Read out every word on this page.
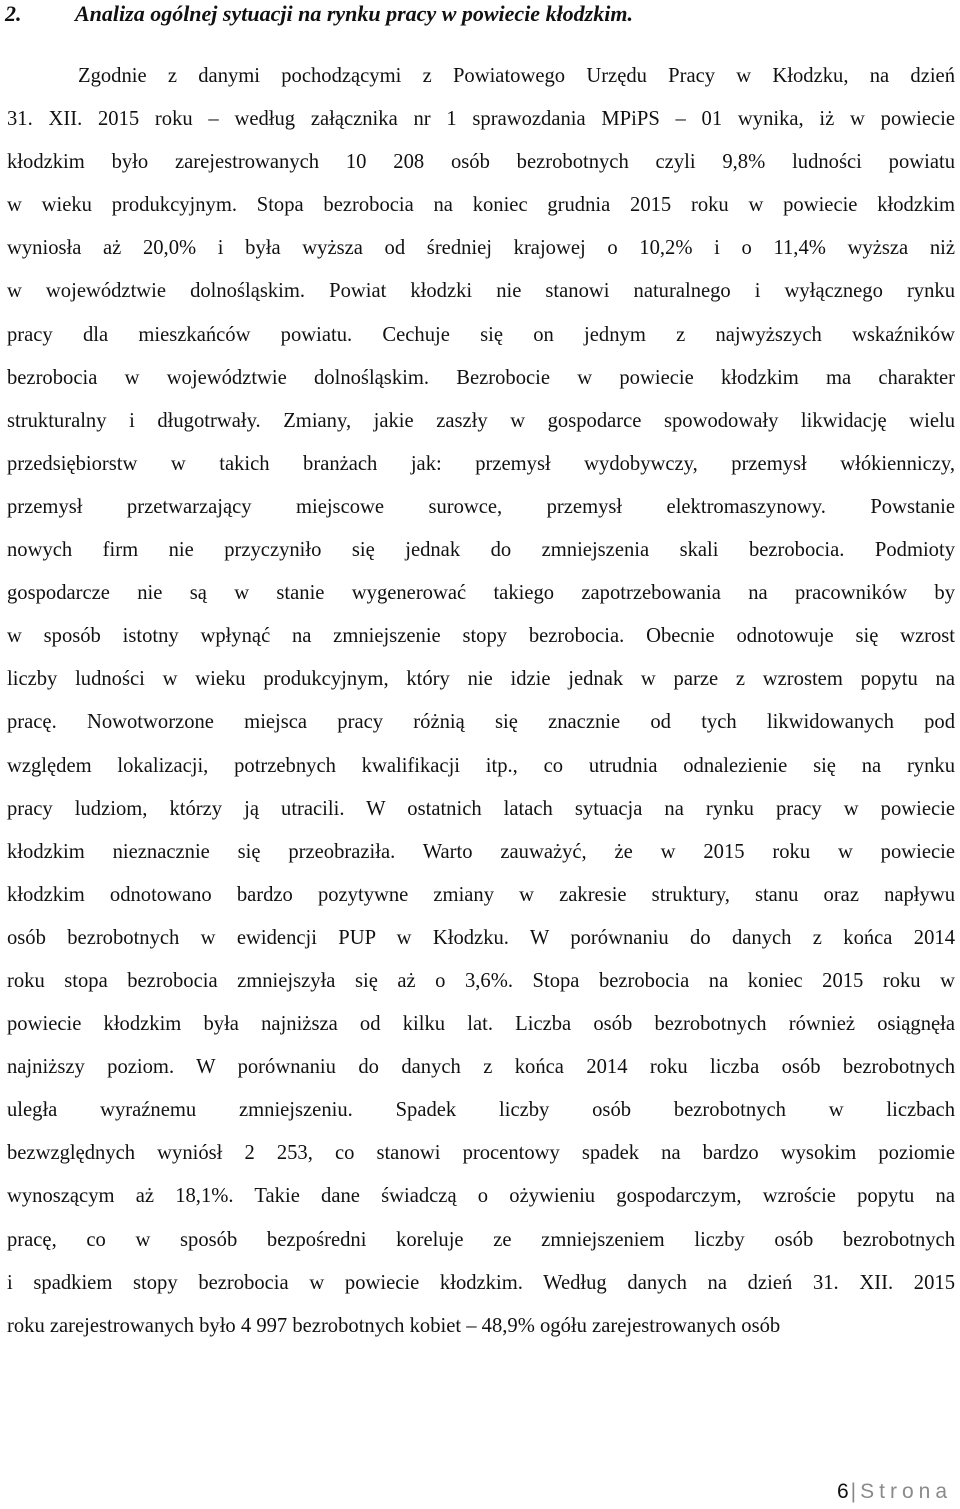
2. Analiza ogólnej sytuacji na rynku pracy w powiecie kłodzkim.
Zgodnie z danymi pochodzącymi z Powiatowego Urzędu Pracy w Kłodzku, na dzień
31. XII. 2015 roku – według załącznika nr 1 sprawozdania MPiPS – 01 wynika, iż w powiecie
kłodzkim było zarejestrowanych 10 208 osób bezrobotnych czyli 9,8% ludności powiatu
w wieku produkcyjnym. Stopa bezrobocia na koniec grudnia 2015 roku w powiecie kłodzkim
wyniosła aż 20,0% i była wyższa od średniej krajowej o 10,2% i o 11,4% wyższa niż
w województwie dolnośląskim. Powiat kłodzki nie stanowi naturalnego i wyłącznego rynku
pracy dla mieszkańców powiatu. Cechuje się on jednym z najwyższych wskaźników
bezrobocia w województwie dolnośląskim. Bezrobocie w powiecie kłodzkim ma charakter
strukturalny i długotrwały. Zmiany, jakie zaszły w gospodarce spowodowały likwidację wielu
przedsiębiorstw w takich branżach jak: przemysł wydobywczy, przemysł włókienniczy,
przemysł przetwarzający miejscowe surowce, przemysł elektromaszynowy. Powstanie
nowych firm nie przyczyniło się jednak do zmniejszenia skali bezrobocia. Podmioty
gospodarcze nie są w stanie wygenerować takiego zapotrzebowania na pracowników by
w sposób istotny wpłynąć na zmniejszenie stopy bezrobocia. Obecnie odnotowuje się wzrost
liczby ludności w wieku produkcyjnym, który nie idzie jednak w parze z wzrostem popytu na
pracę. Nowotworzone miejsca pracy różnią się znacznie od tych likwidowanych pod
względem lokalizacji, potrzebnych kwalifikacji itp., co utrudnia odnalezienie się na rynku
pracy ludziom, którzy ją utracili. W ostatnich latach sytuacja na rynku pracy w powiecie
kłodzkim nieznacznie się przeobraziła. Warto zauważyć, że w 2015 roku w powiecie
kłodzkim odnotowano bardzo pozytywne zmiany w zakresie struktury, stanu oraz napływu
osób bezrobotnych w ewidencji PUP w Kłodzku. W porównaniu do danych z końca 2014
roku stopa bezrobocia zmniejszyła się aż o 3,6%. Stopa bezrobocia na koniec 2015 roku w
powiecie kłodzkim była najniższa od kilku lat. Liczba osób bezrobotnych również osiągnęła
najniższy poziom. W porównaniu do danych z końca 2014 roku liczba osób bezrobotnych
uległa wyraźnemu zmniejszeniu. Spadek liczby osób bezrobotnych w liczbach
bezwzględnych wyniósł 2 253, co stanowi procentowy spadek na bardzo wysokim poziomie
wynoszącym aż 18,1%. Takie dane świadczą o ożywieniu gospodarczym, wzroście popytu na
pracę, co w sposób bezpośredni koreluje ze zmniejszeniem liczby osób bezrobotnych
i spadkiem stopy bezrobocia w powiecie kłodzkim. Według danych na dzień 31. XII. 2015
roku zarejestrowanych było 4 997 bezrobotnych kobiet – 48,9% ogółu zarejestrowanych osób
6| Strona
